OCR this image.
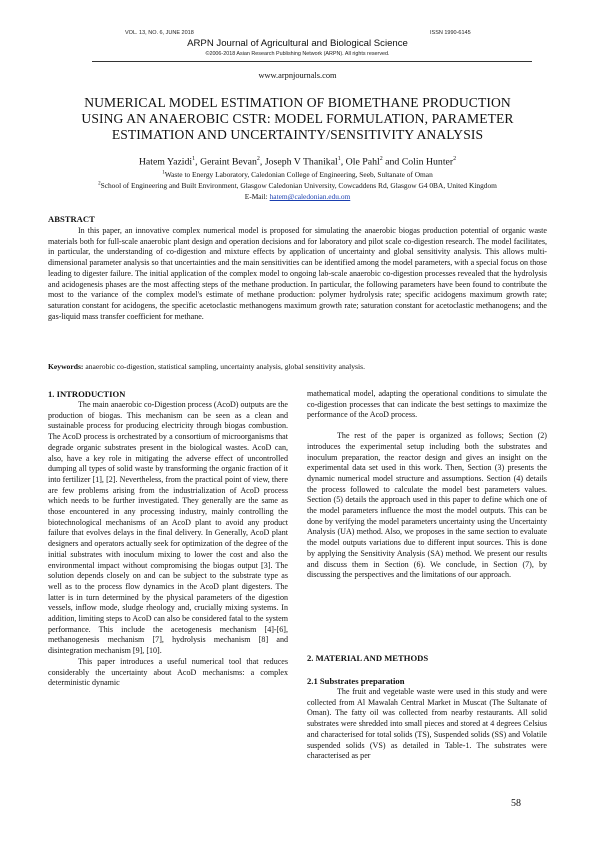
VOL. 13, NO. 6, JUNE 2018	ISSN 1990-6145
ARPN Journal of Agricultural and Biological Science
©2006-2018 Asian Research Publishing Network (ARPN). All rights reserved.
www.arpnjournals.com
NUMERICAL MODEL ESTIMATION OF BIOMETHANE PRODUCTION
USING AN ANAEROBIC CSTR: MODEL FORMULATION, PARAMETER
ESTIMATION AND UNCERTAINTY/SENSITIVITY ANALYSIS
Hatem Yazidi$^1$, Geraint Bevan$^2$, Joseph V Thanikal$^1$, Ole Pahl$^2$ and Colin Hunter$^2$
$^1$Waste to Energy Laboratory, Caledonian College of Engineering, Seeb, Sultanate of Oman
$^2$School of Engineering and Built Environment, Glasgow Caledonian University, Cowcaddens Rd, Glasgow G4 0BA, United Kingdom
E-Mail: hatem@caledonian.edu.om
ABSTRACT

In this paper, an innovative complex numerical model is proposed for simulating the anaerobic biogas production potential of organic waste materials both for full-scale anaerobic plant design and operation decisions and for laboratory and pilot scale co-digestion research. The model facilitates, in particular, the understanding of co-digestion and mixture effects by application of uncertainty and global sensitivity analysis. This allows multi-dimensional parameter analysis so that uncertainties and the main sensitivities can be identified among the model parameters, with a special focus on those leading to digester failure. The initial application of the complex model to ongoing lab-scale anaerobic co-digestion processes revealed that the hydrolysis and acidogenesis phases are the most affecting steps of the methane production. In particular, the following parameters have been found to contribute the most to the variance of the complex model's estimate of methane production: polymer hydrolysis rate; specific acidogens maximum growth rate; saturation constant for acidogens, the specific acetoclastic methanogens maximum growth rate; saturation constant for acetoclastic methanogens; and the gas-liquid mass transfer coefficient for methane.

Keywords: anaerobic co-digestion, statistical sampling, uncertainty analysis, global sensitivity analysis.
1. INTRODUCTION

The main anaerobic co-Digestion process (AcoD) outputs are the production of biogas. This mechanism can be seen as a clean and sustainable process for producing electricity through biogas combustion. The AcoD process is orchestrated by a consortium of microorganisms that degrade organic substrates present in the biological wastes. AcoD can, also, have a key role in mitigating the adverse effect of uncontrolled dumping all types of solid waste by transforming the organic fraction of it into fertilizer [1], [2]. Nevertheless, from the practical point of view, there are few problems arising from the industrialization of AcoD process which needs to be further investigated. They generally are the same as those encountered in any processing industry, mainly controlling the biotechnological mechanisms of an AcoD plant to avoid any product failure that evolves delays in the final delivery. In Generally, AcoD plant designers and operators actually seek for optimization of the degree of the initial substrates with inoculum mixing to lower the cost and also the environmental impact without compromising the biogas output [3]. The solution depends closely on and can be subject to the substrate type as well as to the process flow dynamics in the AcoD plant digesters. The latter is in turn determined by the physical parameters of the digestion vessels, inflow mode, sludge rheology and, crucially mixing systems. In addition, limiting steps to AcoD can also be considered fatal to the system performance. This include the acetogenesis mechanism [4]-[6], methanogenesis mechanism [7], hydrolysis mechanism [8] and disintegration mechanism [9], [10].

This paper introduces a useful numerical tool that reduces considerably the uncertainty about AcoD mechanisms: a complex deterministic dynamic

mathematical model, adapting the operational conditions to simulate the co-digestion processes that can indicate the best settings to maximize the performance of the AcoD process.

The rest of the paper is organized as follows; Section (2) introduces the experimental setup including both the substrates and inoculum preparation, the reactor design and gives an insight on the experimental data set used in this work. Then, Section (3) presents the dynamic numerical model structure and assumptions. Section (4) details the process followed to calculate the model best parameters values. Section (5) details the approach used in this paper to define which one of the model parameters influence the most the model outputs. This can be done by verifying the model parameters uncertainty using the Uncertainty Analysis (UA) method. Also, we proposes in the same section to evaluate the model outputs variations due to different input sources. This is done by applying the Sensitivity Analysis (SA) method. We present our results and discuss them in Section (6). We conclude, in Section (7), by discussing the perspectives and the limitations of our approach.

2. MATERIAL AND METHODS
2.1 Substrates preparation

The fruit and vegetable waste were used in this study and were collected from Al Mawalah Central Market in Muscat (The Sultanate of Oman). The fatty oil was collected from nearby restaurants. All solid substrates were shredded into small pieces and stored at 4 degrees Celsius and characterised for total solids (TS), Suspended solids (SS) and Volatile suspended solids (VS) as detailed in Table-1. The substrates were characterised as per

58
